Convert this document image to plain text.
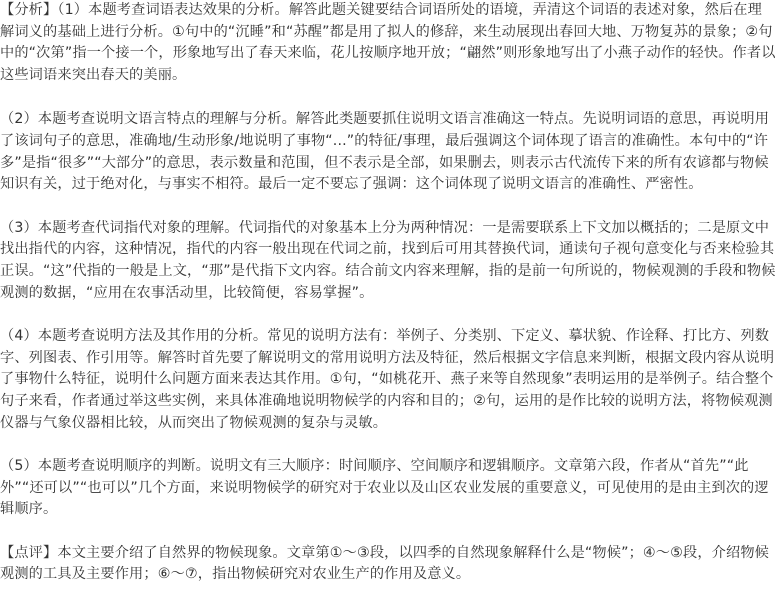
【分析】（1）本题考查词语表达效果的分析。解答此题关键要结合词语所处的语境，弄清这个词语的表述对象，然后在理解词义的基础上进行分析。①句中的“沉睡”和“苏醒”都是用了拟人的修辞，来生动展现出春回大地、万物复苏的景象；②句中的“次第”指一个接一个，形象地写出了春天来临，花儿按顺序地开放；“翩然”则形象地写出了小燕子动作的轻快。作者以这些词语来突出春天的美丽。

（2）本题考查说明文语言特点的理解与分析。解答此类题要抓住说明文语言准确这一特点。先说明词语的意思，再说明用了该词句子的意思，准确地/生动形象/地说明了事物“...”的特征/事理，最后强调这个词体现了语言的准确性。本句中的“许多”是指“很多”“大部分”的意思，表示数量和范围，但不表示是全部，如果删去，则表示古代流传下来的所有农谚都与物候知识有关，过于绝对化，与事实不相符。最后一定不要忘了强调：这个词体现了说明文语言的准确性、严密性。

（3）本题考查代词指代对象的理解。代词指代的对象基本上分为两种情况：一是需要联系上下文加以概括的；二是原文中找出指代的内容，这种情况，指代的内容一般出现在代词之前，找到后可用其替换代词，通读句子视句意变化与否来检验其正误。“这”代指的一般是上文，“那”是代指下文内容。结合前文内容来理解，指的是前一句所说的，物候观测的手段和物候观测的数据，“应用在农事活动里，比较简便，容易掌握”。

（4）本题考查说明方法及其作用的分析。常见的说明方法有：举例子、分类别、下定义、摹状貌、作诠释、打比方、列数字、列图表、作引用等。解答时首先要了解说明文的常用说明方法及特征，然后根据文字信息来判断，根据文段内容从说明了事物什么特征，说明什么问题方面来表达其作用。①句，“如桃花开、燕子来等自然现象”表明运用的是举例子。结合整个句子来看，作者通过举这些实例，来具体准确地说明物候学的内容和目的；②句，运用的是作比较的说明方法，将物候观测仪器与气象仪器相比较，从而突出了物候观测的复杂与灵敏。

（5）本题考查说明顺序的判断。说明文有三大顺序：时间顺序、空间顺序和逻辑顺序。文章第六段，作者从“首先”“此外”“还可以”“也可以”几个方面，来说明物候学的研究对于农业以及山区农业发展的重要意义，可见使用的是由主到次的逻辑顺序。

【点评】本文主要介绍了自然界的物候现象。文章第①～③段，以四季的自然现象解释什么是“物候”；④～⑤段，介绍物候观测的工具及主要作用；⑥～⑦，指出物候研究对农业生产的作用及意义。
